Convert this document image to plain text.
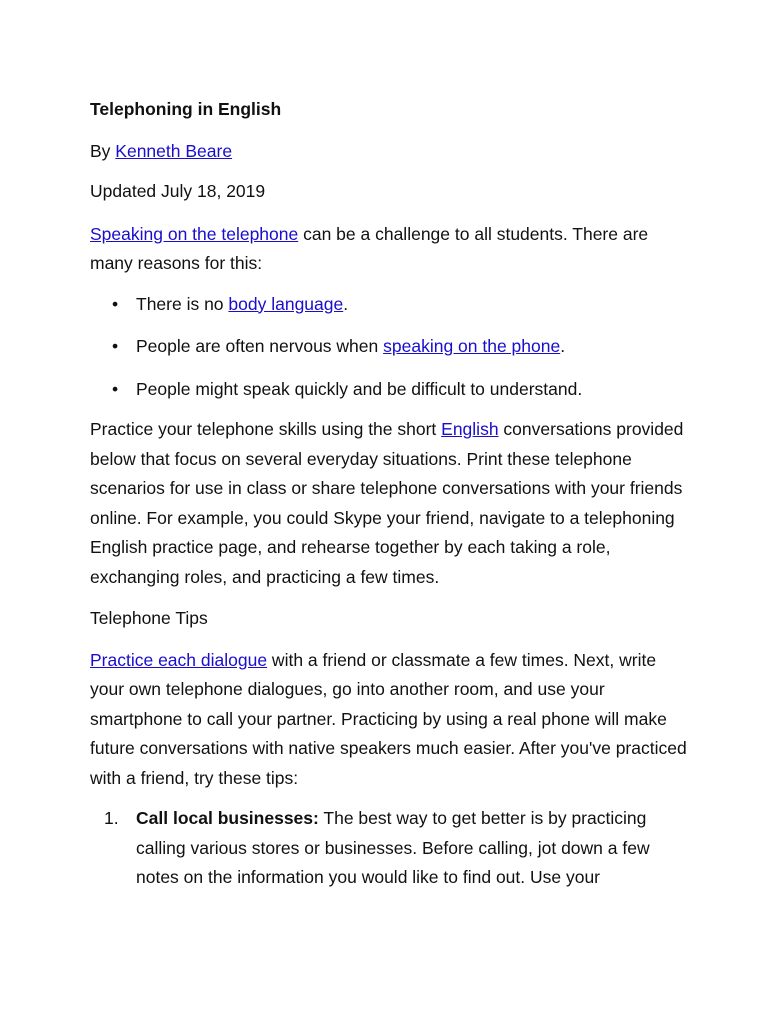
Telephoning in English

By Kenneth Beare

Updated July 18, 2019

Speaking on the telephone can be a challenge to all students. There are many reasons for this:

• There is no body language.
• People are often nervous when speaking on the phone.
• People might speak quickly and be difficult to understand.

Practice your telephone skills using the short English conversations provided below that focus on several everyday situations. Print these telephone scenarios for use in class or share telephone conversations with your friends online. For example, you could Skype your friend, navigate to a telephoning English practice page, and rehearse together by each taking a role, exchanging roles, and practicing a few times.

Telephone Tips

Practice each dialogue with a friend or classmate a few times. Next, write your own telephone dialogues, go into another room, and use your smartphone to call your partner. Practicing by using a real phone will make future conversations with native speakers much easier. After you've practiced with a friend, try these tips:

1. Call local businesses: The best way to get better is by practicing calling various stores or businesses. Before calling, jot down a few notes on the information you would like to find out. Use your
